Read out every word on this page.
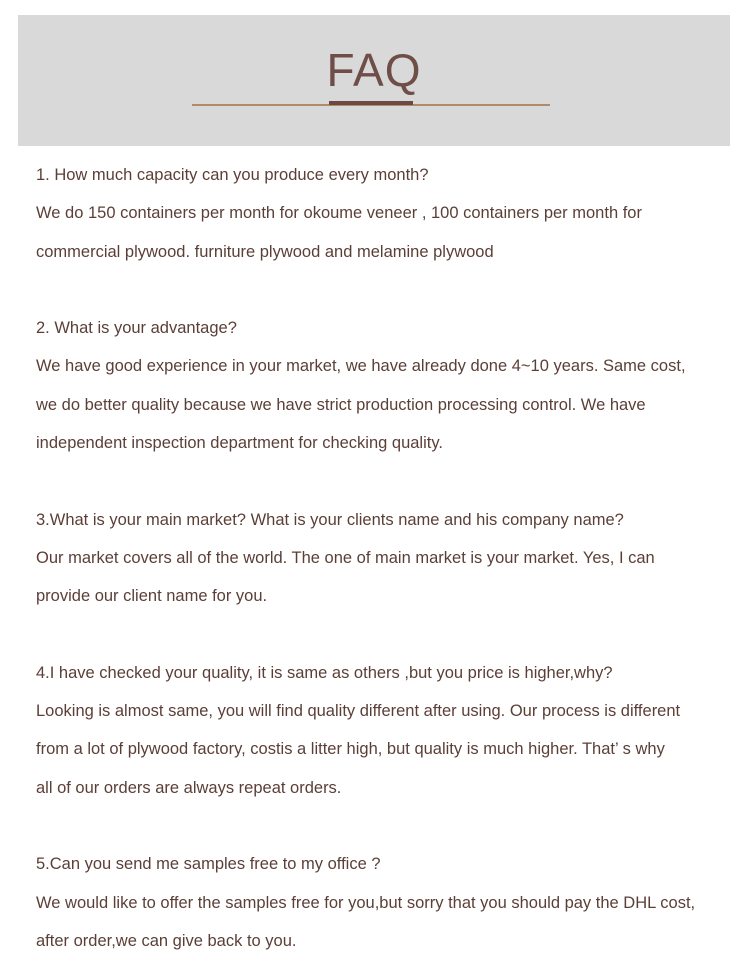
FAQ
1. How much capacity can you produce every month?
We do 150 containers per month for okoume veneer , 100 containers per month for
commercial plywood. furniture plywood and melamine plywood
2. What is your advantage?
We have good experience in your market, we have already done 4~10 years. Same cost,
we do better quality because we have strict production processing control. We have
independent inspection department for checking quality.
3.What is your main market? What is your clients name and his company name?
Our market covers all of the world. The one of main market is your market. Yes, I can
provide our client name for you.
4.I have checked your quality, it is same as others ,but you price is higher,why?
Looking is almost same, you will find quality different after using. Our process is different
from a lot of plywood factory, costis a litter high, but quality is much higher. That’ s why
all of our orders are always repeat orders.
5.Can you send me samples free to my office ?
We would like to offer the samples free for you,but sorry that you should pay the DHL cost,
after order,we can give back to you.
